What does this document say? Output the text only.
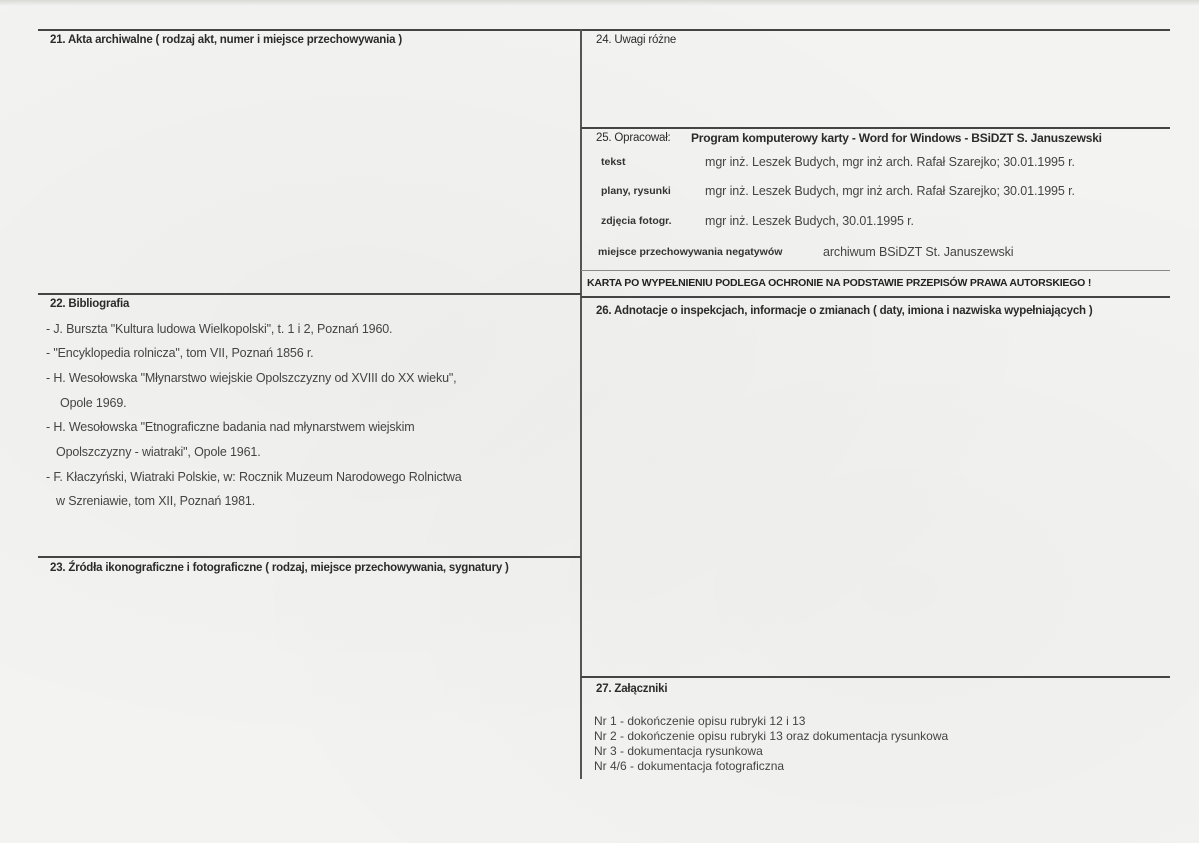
21. Akta archiwalne ( rodzaj akt, numer i miejsce przechowywania )	24. Uwagi różne
25. Opracował: Program komputerowy karty - Word for Windows - BSiDZT S. Januszewski
tekst	mgr inż. Leszek Budych, mgr inż arch. Rafał Szarejko; 30.01.1995 r.
plany, rysunki	mgr inż. Leszek Budych, mgr inż arch. Rafał Szarejko; 30.01.1995 r.
zdjęcia fotogr.	mgr inż. Leszek Budych, 30.01.1995 r.
miejsce przechowywania negatywów	archiwum BSiDZT St. Januszewski
KARTA PO WYPEŁNIENIU PODLEGA OCHRONIE NA PODSTAWIE PRZEPISÓW PRAWA AUTORSKIEGO !
22. Bibliografia
- J. Burszta "Kultura ludowa Wielkopolski", t. 1 i 2, Poznań 1960.
- "Encyklopedia rolnicza", tom VII, Poznań 1856 r.
- H. Wesołowska "Młynarstwo wiejskie Opolszczyzny od XVIII do XX wieku",
Opole 1969.
- H. Wesołowska "Etnograficzne badania nad młynarstwem wiejskim
Opolszczyzny - wiatraki", Opole 1961.
- F. Kłaczyński, Wiatraki Polskie, w: Rocznik Muzeum Narodowego Rolnictwa
w Szreniawie, tom XII, Poznań 1981.
23. Źródła ikonograficzne i fotograficzne ( rodzaj, miejsce przechowywania, sygnatury )
26. Adnotacje o inspekcjach, informacje o zmianach ( daty, imiona i nazwiska wypełniających )
27. Załączniki
Nr 1 - dokończenie opisu rubryki 12 i 13
Nr 2 - dokończenie opisu rubryki 13 oraz dokumentacja rysunkowa
Nr 3 - dokumentacja rysunkowa
Nr 4/6 - dokumentacja fotograficzna
